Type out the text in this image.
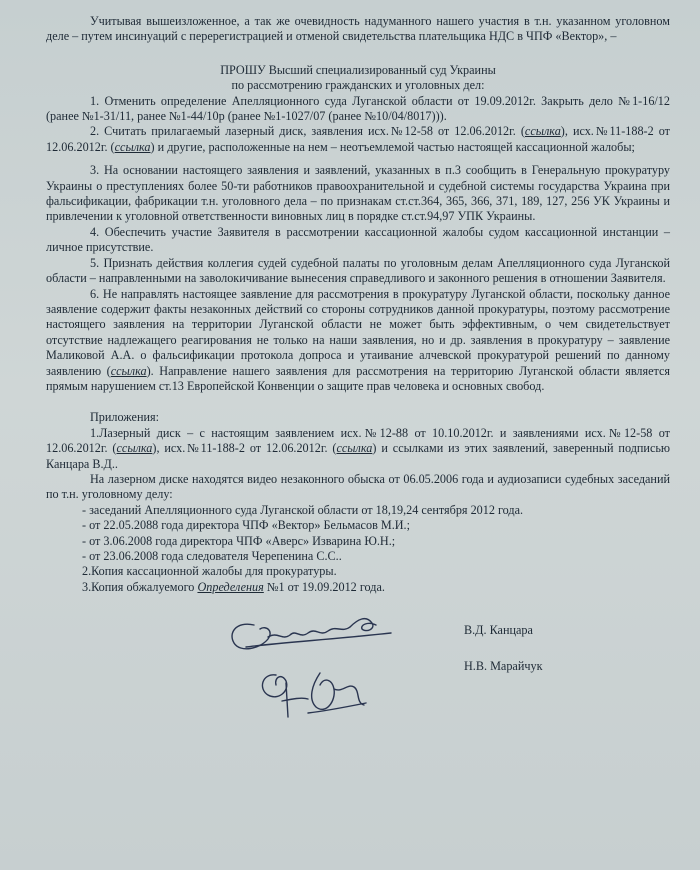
Учитывая вышеизложенное, а так же очевидность надуманного нашего участия в т.н. указанном уголовном деле – путем инсинуаций с перерегистрацией и отменой свидетельства плательщика НДС в ЧПФ «Вектор», –

ПРОШУ Высший специализированный суд Украины

по рассмотрению гражданских и уголовных дел:

1. Отменить определение Апелляционного суда Луганской области от 19.09.2012г. Закрыть дело №1-16/12 (ранее №1-31/11, ранее №1-44/10р (ранее №1-1027/07 (ранее №10/04/8017))).

2. Считать прилагаемый лазерный диск, заявления исх.№12-58 от 12.06.2012г. (ссылка), исх.№11-188-2 от 12.06.2012г. (ссылка) и другие, расположенные на нем – неотъемлемой частью настоящей кассационной жалобы;

3. На основании настоящего заявления и заявлений, указанных в п.3 сообщить в Генеральную прокуратуру Украины о преступлениях более 50-ти работников правоохранительной и судебной системы государства Украина при фальсификации, фабрикации т.н. уголовного дела – по признакам ст.ст.364, 365, 366, 371, 189, 127, 256 УК Украины и привлечении к уголовной ответственности виновных лиц в порядке ст.ст.94,97 УПК Украины.

4. Обеспечить участие Заявителя в рассмотрении кассационной жалобы судом кассационной инстанции – личное присутствие.

5. Признать действия коллегия судей судебной палаты по уголовным делам Апелляционного суда Луганской области – направленными на заволокичивание вынесения справедливого и законного решения в отношении Заявителя.

6. Не направлять настоящее заявление для рассмотрения в прокуратуру Луганской области, поскольку данное заявление содержит факты незаконных действий со стороны сотрудников данной прокуратуры, поэтому рассмотрение настоящего заявления на территории Луганской области не может быть эффективным, о чем свидетельствует отсутствие надлежащего реагирования не только на наши заявления, но и др. заявления в прокуратуру – заявление Маликовой А.А. о фальсификации протокола допроса и утаивание алчевской прокуратурой решений по данному заявлению (ссылка). Направление нашего заявления для рассмотрения на территорию Луганской области является прямым нарушением ст.13 Европейской Конвенции о защите прав человека и основных свобод.

Приложения:

1.Лазерный диск – с настоящим заявлением исх.№12-88 от 10.10.2012г. и заявлениями исх.№12-58 от 12.06.2012г. (ссылка), исх.№11-188-2 от 12.06.2012г. (ссылка) и ссылками из этих заявлений, заверенный подписью Канцара В.Д..

На лазерном диске находятся видео незаконного обыска от 06.05.2006 года и аудиозаписи судебных заседаний по т.н. уголовному делу:

- заседаний Апелляционного суда Луганской области от 18,19,24 сентября 2012 года.

- от 22.05.2088 года директора ЧПФ «Вектор» Бельмасов М.И.;

- от 3.06.2008 года директора ЧПФ «Аверс» Изварина Ю.Н.;

- от 23.06.2008 года следователя Черепенина С.С..

2.Копия кассационной жалобы для прокуратуры.

3.Копия обжалуемого Определения №1 от 19.09.2012 года.

В.Д. Канцара
Н.В. Марайчук
